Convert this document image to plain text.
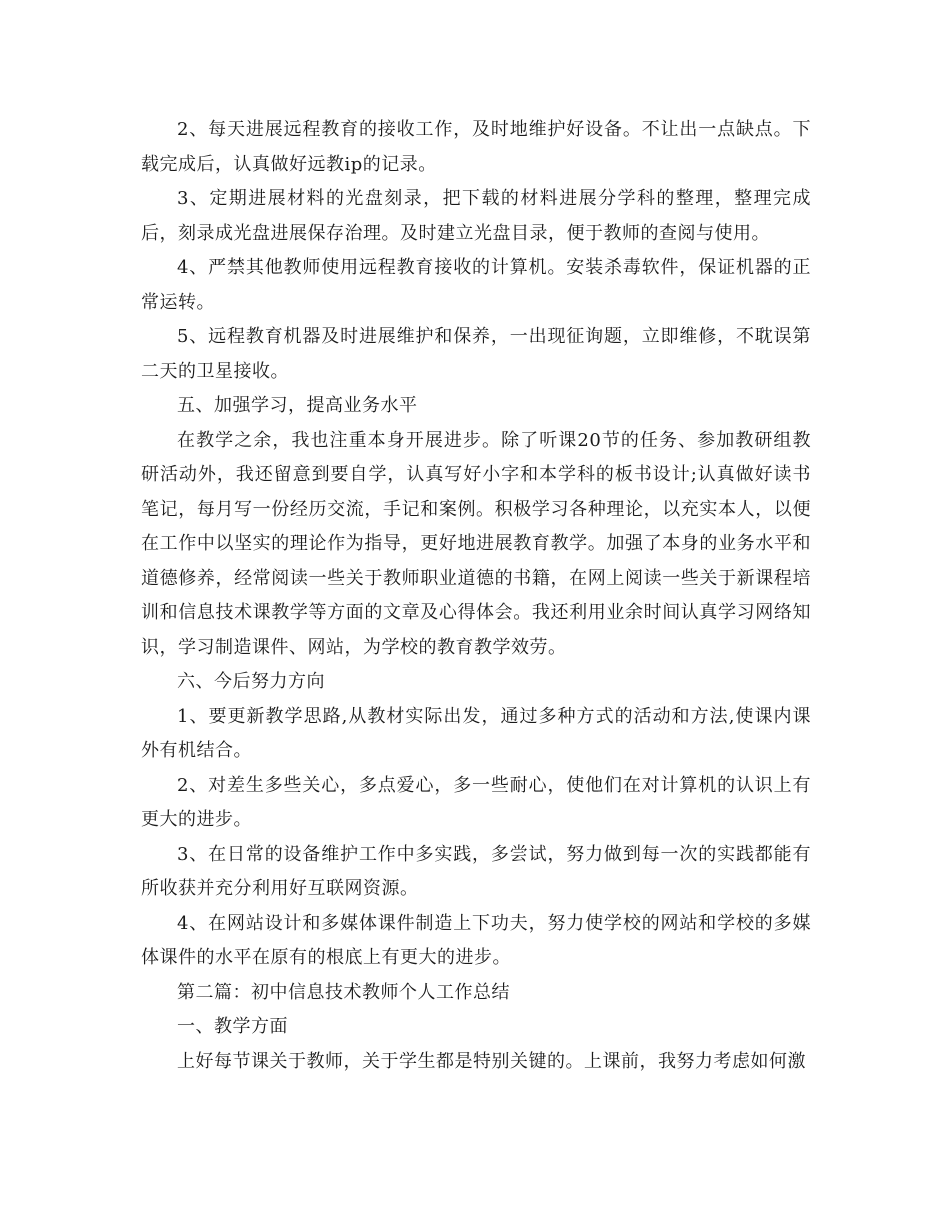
2、每天进展远程教育的接收工作，及时地维护好设备。不让出一点缺点。下载完成后，认真做好远教ip的记录。

3、定期进展材料的光盘刻录，把下载的材料进展分学科的整理，整理完成后，刻录成光盘进展保存治理。及时建立光盘目录，便于教师的查阅与使用。

4、严禁其他教师使用远程教育接收的计算机。安装杀毒软件，保证机器的正常运转。

5、远程教育机器及时进展维护和保养，一出现征询题，立即维修，不耽误第二天的卫星接收。

五、加强学习，提高业务水平

在教学之余，我也注重本身开展进步。除了听课20节的任务、参加教研组教研活动外，我还留意到要自学，认真写好小字和本学科的板书设计;认真做好读书笔记，每月写一份经历交流，手记和案例。积极学习各种理论，以充实本人，以便在工作中以坚实的理论作为指导，更好地进展教育教学。加强了本身的业务水平和道德修养，经常阅读一些关于教师职业道德的书籍，在网上阅读一些关于新课程培训和信息技术课教学等方面的文章及心得体会。我还利用业余时间认真学习网络知识，学习制造课件、网站，为学校的教育教学效劳。

六、今后努力方向

1、要更新教学思路,从教材实际出发，通过多种方式的活动和方法,使课内课外有机结合。

2、对差生多些关心，多点爱心，多一些耐心，使他们在对计算机的认识上有更大的进步。

3、在日常的设备维护工作中多实践，多尝试，努力做到每一次的实践都能有所收获并充分利用好互联网资源。

4、在网站设计和多媒体课件制造上下功夫，努力使学校的网站和学校的多媒体课件的水平在原有的根底上有更大的进步。

第二篇：初中信息技术教师个人工作总结

一、教学方面

上好每节课关于教师，关于学生都是特别关键的。上课前，我努力考虑如何激
